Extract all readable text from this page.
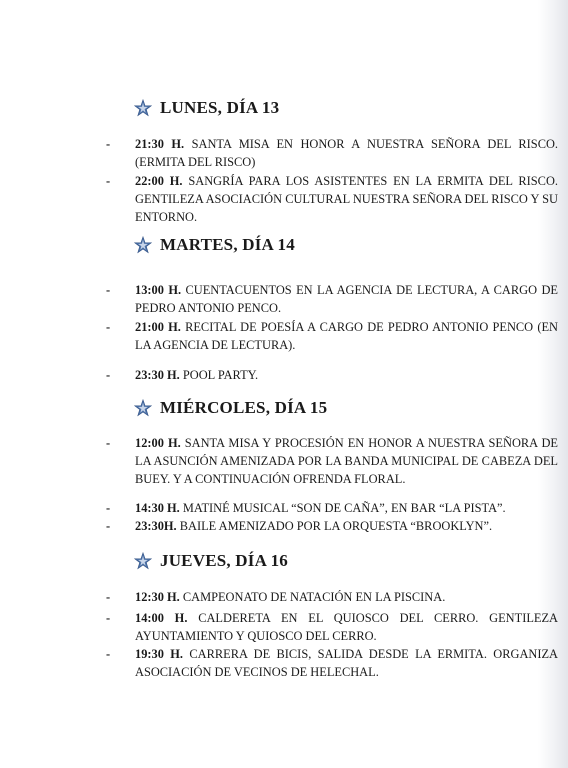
LUNES, DÍA 13
-	21:30 H. SANTA MISA EN HONOR A NUESTRA SEÑORA DEL RISCO. (ERMITA DEL RISCO)
-	22:00 H. SANGRÍA PARA LOS ASISTENTES EN LA ERMITA DEL RISCO. GENTILEZA ASOCIACIÓN CULTURAL NUESTRA SEÑORA DEL RISCO Y SU ENTORNO.
MARTES, DÍA 14
-	13:00 H. CUENTACUENTOS EN LA AGENCIA DE LECTURA, A CARGO DE PEDRO ANTONIO PENCO.
-	21:00 H. RECITAL DE POESÍA A CARGO DE PEDRO ANTONIO PENCO (EN LA AGENCIA DE LECTURA).
-	23:30 H. POOL PARTY.
MIÉRCOLES, DÍA 15
-	12:00 H. SANTA MISA Y PROCESIÓN EN HONOR A NUESTRA SEÑORA DE LA ASUNCIÓN AMENIZADA POR LA BANDA MUNICIPAL DE CABEZA DEL BUEY. Y A CONTINUACIÓN OFRENDA FLORAL.
-	14:30 H. MATINÉ MUSICAL “SON DE CAÑA”, EN BAR “LA PISTA”.
-	23:30H. BAILE AMENIZADO POR LA ORQUESTA “BROOKLYN”.
JUEVES, DÍA 16
-	12:30 H. CAMPEONATO DE NATACIÓN EN LA PISCINA.
-	14:00 H. CALDERETA EN EL QUIOSCO DEL CERRO. GENTILEZA AYUNTAMIENTO Y QUIOSCO DEL CERRO.
-	19:30 H. CARRERA DE BICIS, SALIDA DESDE LA ERMITA. ORGANIZA ASOCIACIÓN DE VECINOS DE HELECHAL.
